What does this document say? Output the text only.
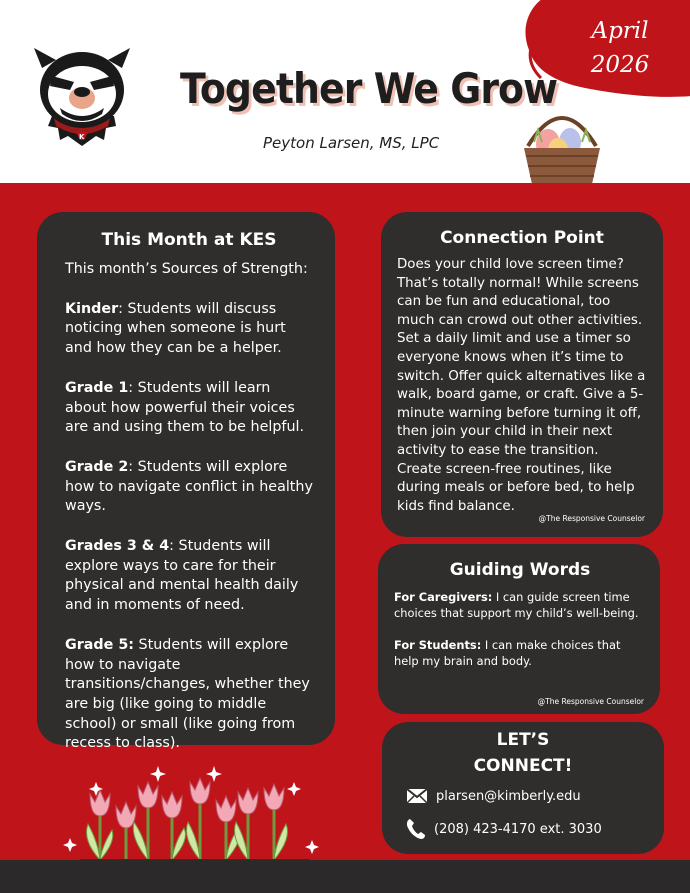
April
2026
K
Together We Grow
Peyton Larsen, MS, LPC
This Month at KES

This month’s Sources of Strength:

Kinder: Students will discuss noticing when someone is hurt and how they can be a helper.

Grade 1: Students will learn about how powerful their voices are and using them to be helpful.

Grade 2: Students will explore how to navigate conflict in healthy ways.

Grades 3 & 4: Students will explore ways to care for their physical and mental health daily and in moments of need.

Grade 5: Students will explore how to navigate transitions/changes, whether they are big (like going to middle school) or small (like going from recess to class).

Connection Point

Does your child love screen time? That’s totally normal! While screens can be fun and educational, too much can crowd out other activities. Set a daily limit and use a timer so everyone knows when it’s time to switch. Offer quick alternatives like a walk, board game, or craft. Give a 5-minute warning before turning it off, then join your child in their next activity to ease the transition. Create screen-free routines, like during meals or before bed, to help kids find balance.

@The Responsive Counselor
Guiding Words

For Caregivers: I can guide screen time choices that support my child’s well-being.

For Students: I can make choices that help my brain and body.

@The Responsive Counselor
LET’S
CONNECT!
plarsen@kimberly.edu
(208) 423-4170 ext. 3030
